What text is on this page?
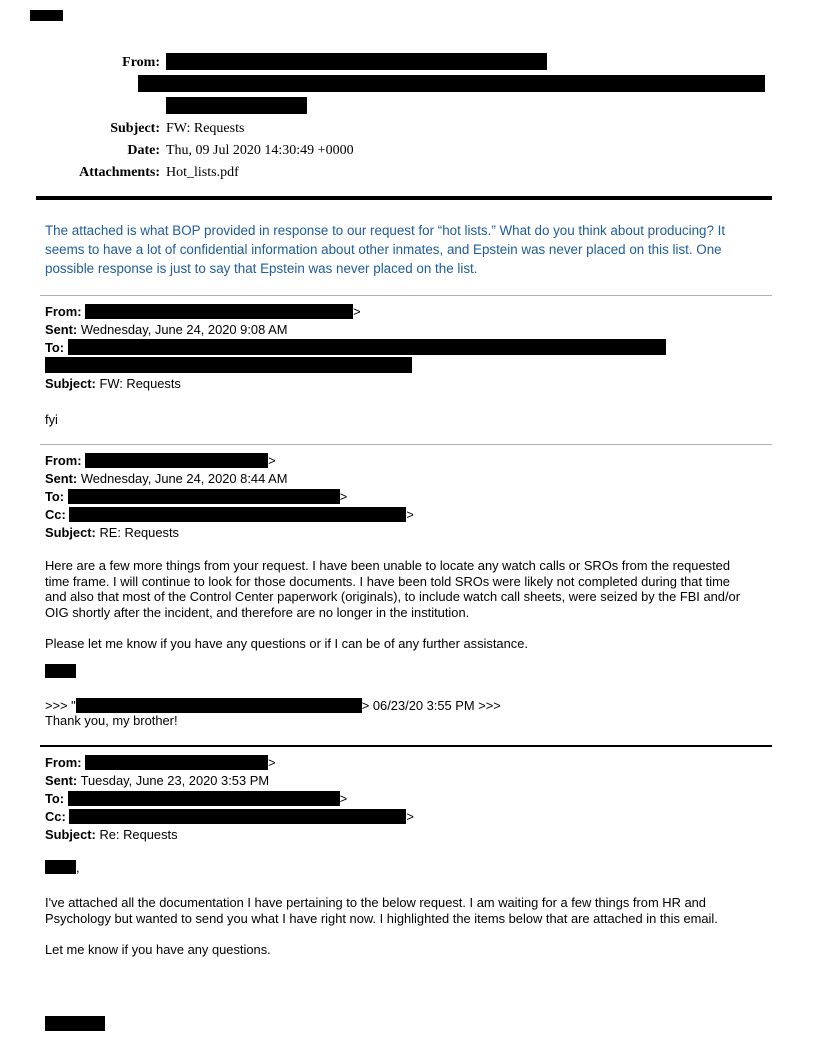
From:
Subject: FW: Requests
Date: Thu, 09 Jul 2020 14:30:49 +0000
Attachments: Hot_lists.pdf
The attached is what BOP provided in response to our request for “hot lists.” What do you think about producing? It
seems to have a lot of confidential information about other inmates, and Epstein was never placed on this list. One
possible response is just to say that Epstein was never placed on the list.
From:	>
Sent: Wednesday, June 24, 2020 9:08 AM
To:
Subject: FW: Requests
fyi
From:	>
Sent: Wednesday, June 24, 2020 8:44 AM
To:	>
Cc:	>
Subject: RE: Requests
Here are a few more things from your request. I have been unable to locate any watch calls or SROs from the requested
time frame. I will continue to look for those documents. I have been told SROs were likely not completed during that time
and also that most of the Control Center paperwork (originals), to include watch call sheets, were seized by the FBI and/or
OIG shortly after the incident, and therefore are no longer in the institution.
Please let me know if you have any questions or if I can be of any further assistance.
>>> "	> 06/23/20 3:55 PM >>>
Thank you, my brother!
From:	>
Sent: Tuesday, June 23, 2020 3:53 PM
To:	>
Cc:	>
Subject: Re: Requests
,
I've attached all the documentation I have pertaining to the below request. I am waiting for a few things from HR and
Psychology but wanted to send you what I have right now. I highlighted the items below that are attached in this email.
Let me know if you have any questions.
